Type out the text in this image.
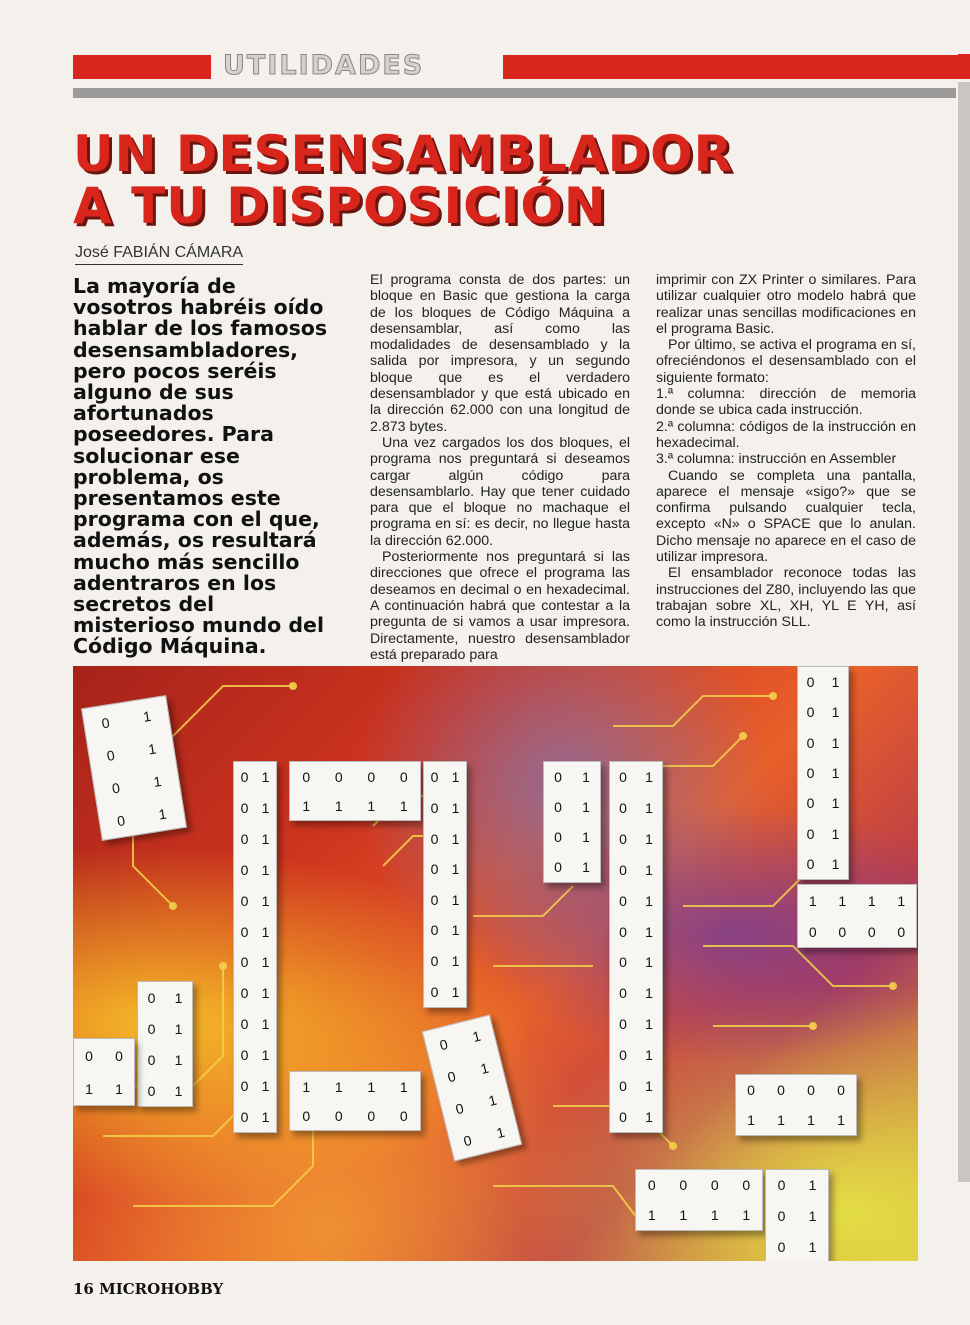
UTILIDADES
UN DESENSAMBLADOR
A TU DISPOSICIÓN
José FABIÁN CÁMARA
La mayoría de vosotros habréis oído hablar de los famosos desensambladores, pero pocos seréis alguno de sus afortunados poseedores. Para solucionar ese problema, os presentamos este programa con el que, además, os resultará mucho más sencillo adentraros en los secretos del misterioso mundo del Código Máquina.

El programa consta de dos partes: un bloque en Basic que gestiona la carga de los bloques de Código Máquina a desensamblar, así como las modalidades de desensamblado y la salida por impresora, y un segundo bloque que es el verdadero desensamblador y que está ubicado en la dirección 62.000 con una longitud de 2.873 bytes.

Una vez cargados los dos bloques, el programa nos preguntará si deseamos cargar algún código para desensamblarlo. Hay que tener cuidado para que el bloque no machaque el programa en sí: es decir, no llegue hasta la dirección 62.000.

Posteriormente nos preguntará si las direcciones que ofrece el programa las deseamos en decimal o en hexadecimal. A continuación habrá que contestar a la pregunta de si vamos a usar impresora. Directamente, nuestro desensamblador está preparado para

imprimir con ZX Printer o similares. Para utilizar cualquier otro modelo habrá que realizar unas sencillas modificaciones en el programa Basic.

Por último, se activa el programa en sí, ofreciéndonos el desensamblado con el siguiente formato:

1.ª columna: dirección de memoria donde se ubica cada instrucción.

2.ª columna: códigos de la instrucción en hexadecimal.

3.ª columna: instrucción en Assembler

Cuando se completa una pantalla, aparece el mensaje «sigo?» que se confirma pulsando cualquier tecla, excepto «N» o SPACE que lo anulan. Dicho mensaje no aparece en el caso de utilizar impresora.

El ensamblador reconoce todas las instrucciones del Z80, incluyendo las que trabajan sobre XL, XH, YL E YH, así como la instrucción SLL.

0 1
0 1
0 1
0 1
0 1
0 1
0 1
0 1
0 1
0 1
0 1
0 1
0 0 0 0
1 1 1 1
0 1
0 1
0 1
0 1
0 1
0 1
0 1
0 1
1 1 1 1
0 0 0 0
0 1
0 1
0 1
0 1
0 1
0 1
0 1
0 1
0 1
0 1
0 1
0 1
0 1
0 1
0 1
0 1
0 1
0 1
0 1
0 1
0 1
0 1
0 1
1 1 1 1
0 0 0 0
0 1
0 1
0 1
0 1
0 0
1 1
0 1
0 1
0 1
0 1
0 1
0 1
0 1
0 1
0 0 0 0
1 1 1 1
0 0 0 0
1 1 1 1
0 1
0 1
0 1
16 MICROHOBBY
